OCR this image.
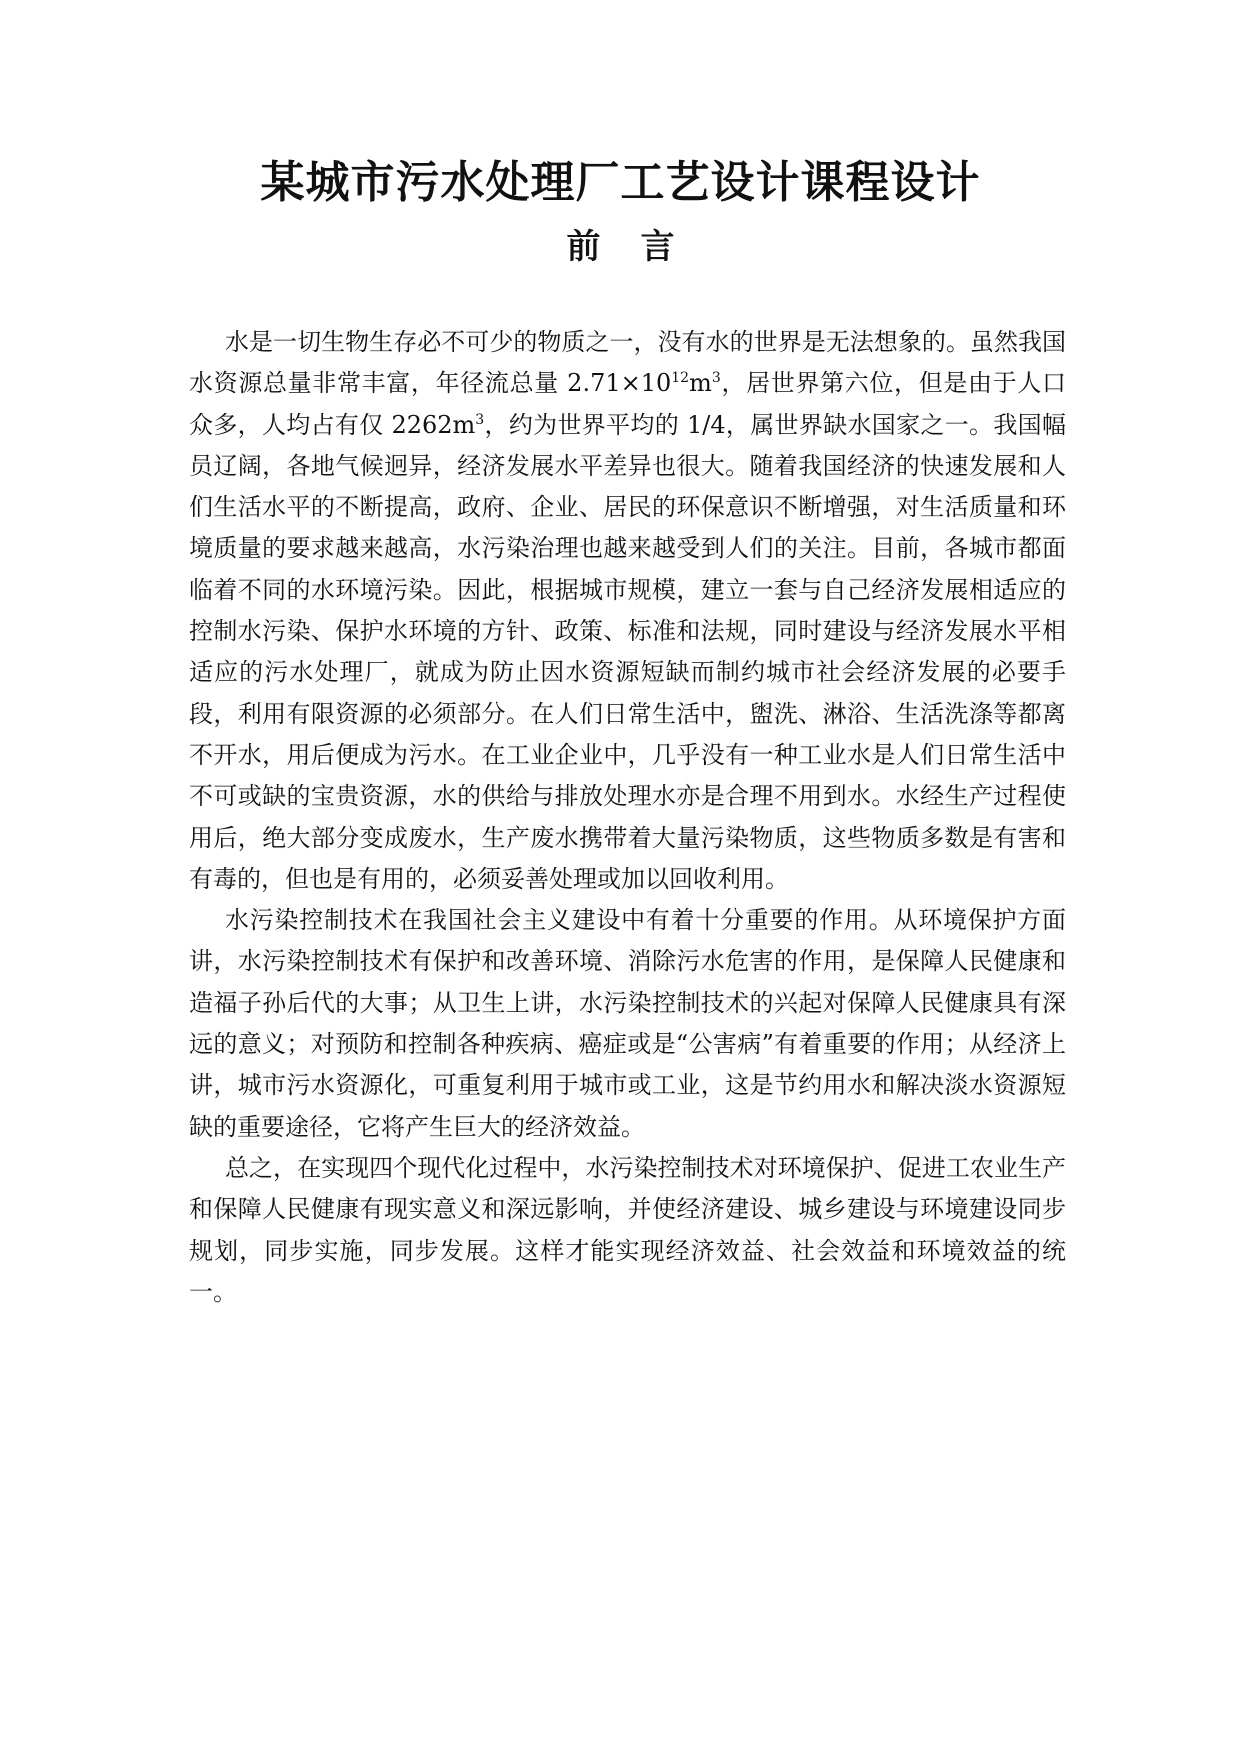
某城市污水处理厂工艺设计课程设计
前言

水是一切生物生存必不可少的物质之一，没有水的世界是无法想象的。虽然我国水资源总量非常丰富，年径流总量 $2.71\times 10^{12}m^3$，居世界第六位，但是由于人口众多，人均占有仅 $2262m^3$，约为世界平均的 1/4，属世界缺水国家之一。我国幅员辽阔，各地气候迥异，经济发展水平差异也很大。随着我国经济的快速发展和人们生活水平的不断提高，政府、企业、居民的环保意识不断增强，对生活质量和环境质量的要求越来越高，水污染治理也越来越受到人们的关注。目前，各城市都面临着不同的水环境污染。因此，根据城市规模，建立一套与自己经济发展相适应的控制水污染、保护水环境的方针、政策、标准和法规，同时建设与经济发展水平相适应的污水处理厂，就成为防止因水资源短缺而制约城市社会经济发展的必要手段，利用有限资源的必须部分。在人们日常生活中，盥洗、淋浴、生活洗涤等都离不开水，用后便成为污水。在工业企业中，几乎没有一种工业水是人们日常生活中不可或缺的宝贵资源，水的供给与排放处理水亦是合理不用到水。水经生产过程使用后，绝大部分变成废水，生产废水携带着大量污染物质，这些物质多数是有害和有毒的，但也是有用的，必须妥善处理或加以回收利用。

水污染控制技术在我国社会主义建设中有着十分重要的作用。从环境保护方面讲，水污染控制技术有保护和改善环境、消除污水危害的作用，是保障人民健康和造福子孙后代的大事；从卫生上讲，水污染控制技术的兴起对保障人民健康具有深远的意义；对预防和控制各种疾病、癌症或是“公害病”有着重要的作用；从经济上讲，城市污水资源化，可重复利用于城市或工业，这是节约用水和解决淡水资源短缺的重要途径，它将产生巨大的经济效益。

总之，在实现四个现代化过程中，水污染控制技术对环境保护、促进工农业生产和保障人民健康有现实意义和深远影响，并使经济建设、城乡建设与环境建设同步规划，同步实施，同步发展。这样才能实现经济效益、社会效益和环境效益的统一。
